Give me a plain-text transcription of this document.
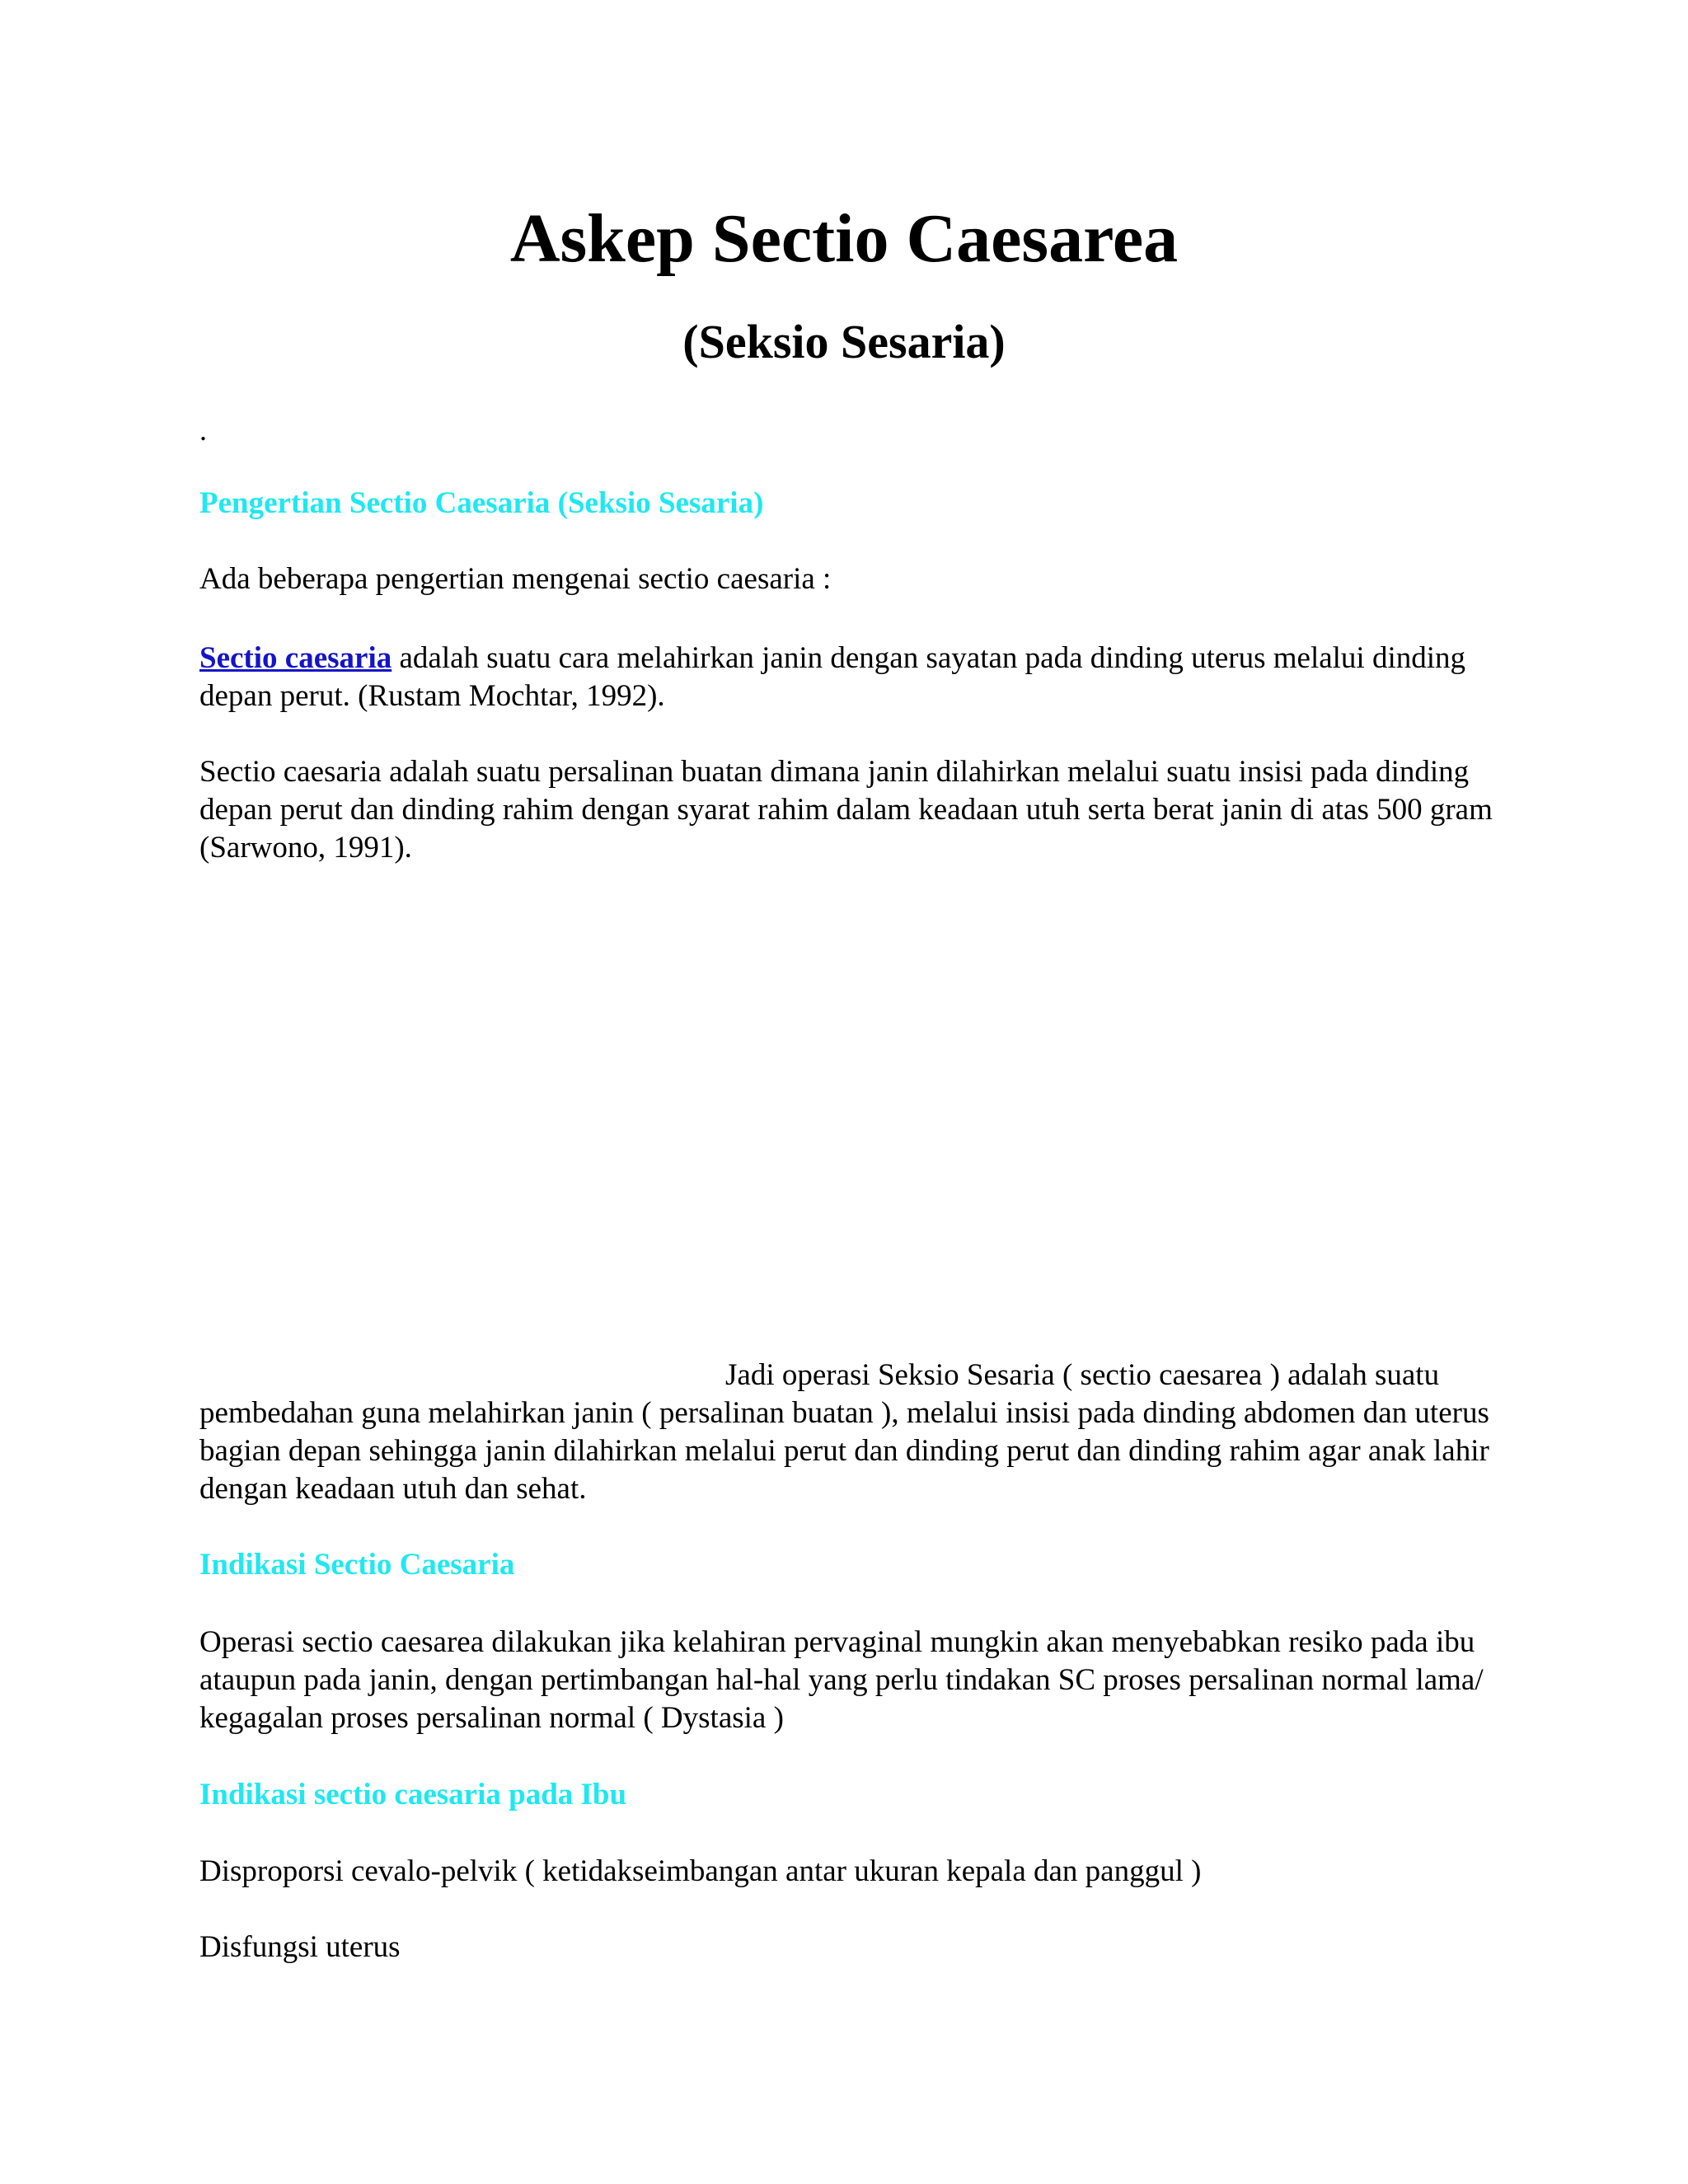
Askep Sectio Caesarea
(Seksio Sesaria)
.
Pengertian Sectio Caesaria (Seksio Sesaria)

Ada beberapa pengertian mengenai sectio caesaria :

Sectio caesaria adalah suatu cara melahirkan janin dengan sayatan pada dinding uterus melalui dinding depan perut. (Rustam Mochtar, 1992).

Sectio caesaria adalah suatu persalinan buatan dimana janin dilahirkan melalui suatu insisi pada dinding depan perut dan dinding rahim dengan syarat rahim dalam keadaan utuh serta berat janin di atas 500 gram (Sarwono, 1991).

Jadi operasi Seksio Sesaria ( sectio caesarea ) adalah suatu pembedahan guna melahirkan janin ( persalinan buatan ), melalui insisi pada dinding abdomen dan uterus bagian depan sehingga janin dilahirkan melalui perut dan dinding perut dan dinding rahim agar anak lahir dengan keadaan utuh dan sehat.

Indikasi Sectio Caesaria

Operasi sectio caesarea dilakukan jika kelahiran pervaginal mungkin akan menyebabkan resiko pada ibu ataupun pada janin, dengan pertimbangan hal-hal yang perlu tindakan SC proses persalinan normal lama/ kegagalan proses persalinan normal ( Dystasia )

Indikasi sectio caesaria pada Ibu

Disproporsi cevalo-pelvik ( ketidakseimbangan antar ukuran kepala dan panggul )

Disfungsi uterus
